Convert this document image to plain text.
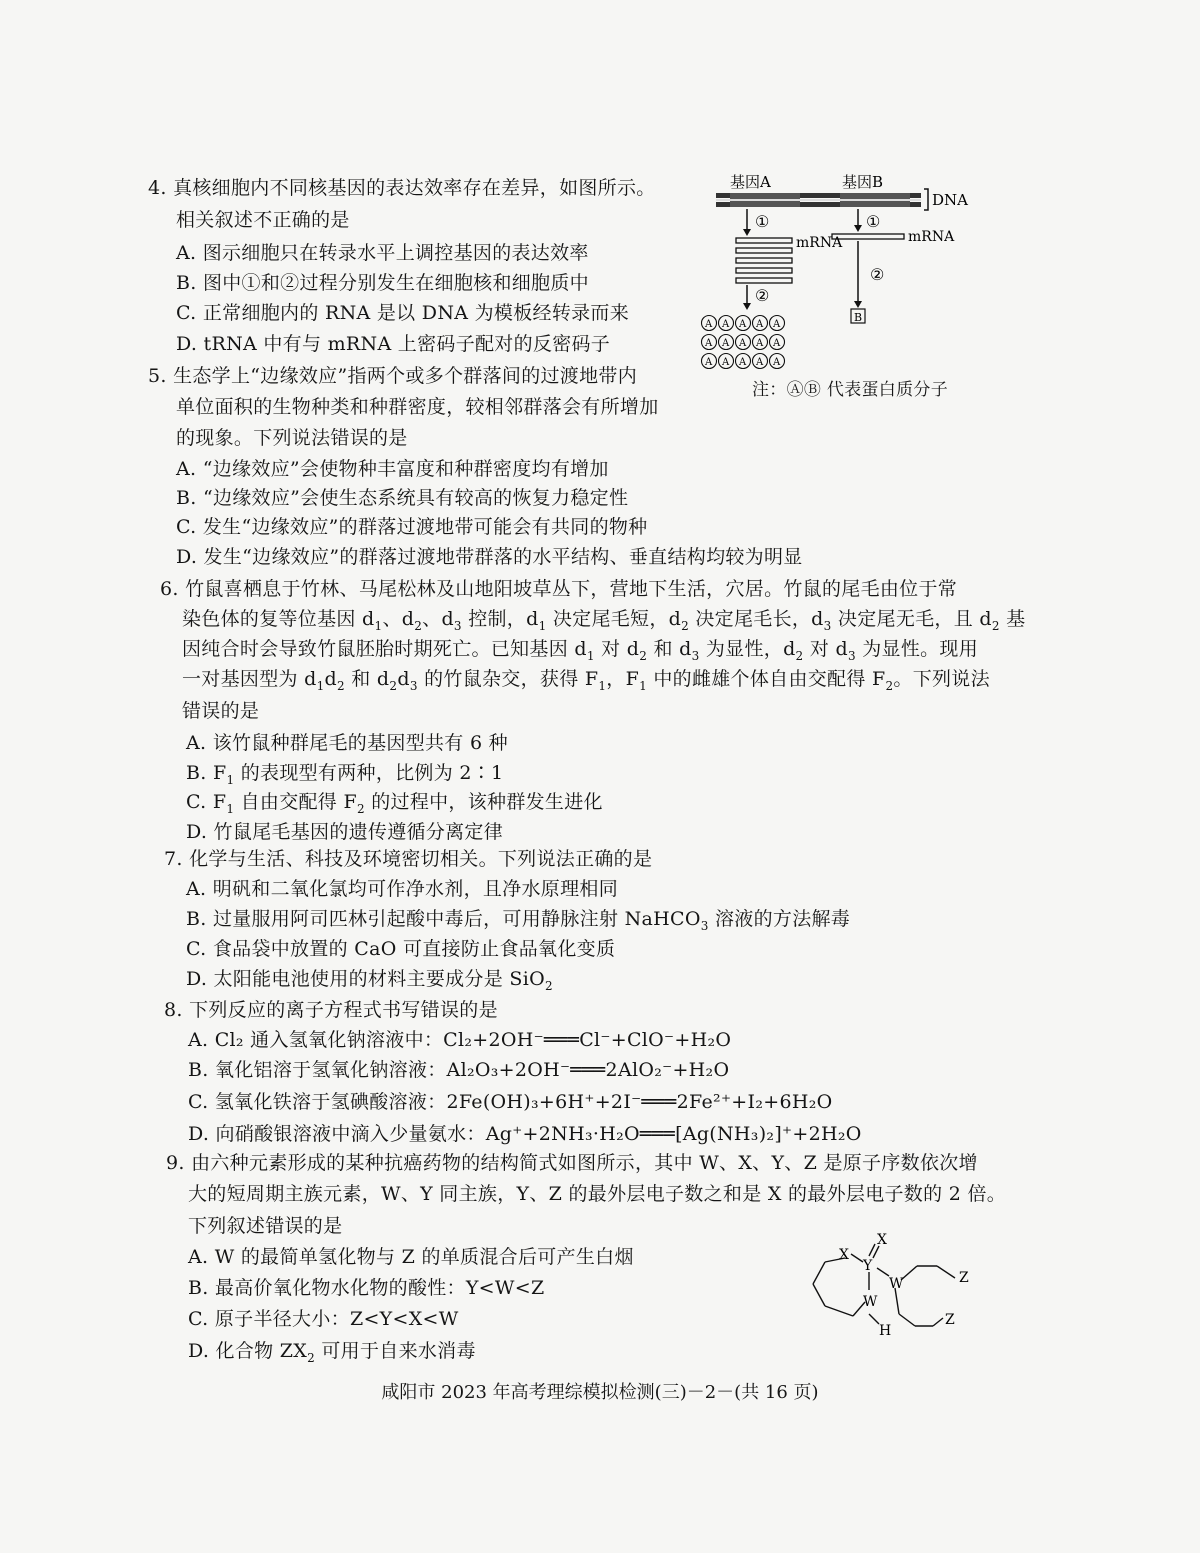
4. 真核细胞内不同核基因的表达效率存在差异，如图所示。
相关叙述不正确的是
A. 图示细胞只在转录水平上调控基因的表达效率
B. 图中①和②过程分别发生在细胞核和细胞质中
C. 正常细胞内的 RNA 是以 DNA 为模板经转录而来
D. tRNA 中有与 mRNA 上密码子配对的反密码子
基因A	基因B
DNA
①	①
mRNA	mRNA
②
②
B
A A A A A
A A A A A
A A A A A
注：ⒶⒷ 代表蛋白质分子
5. 生态学上“边缘效应”指两个或多个群落间的过渡地带内
单位面积的生物种类和种群密度，较相邻群落会有所增加
的现象。下列说法错误的是
A. “边缘效应”会使物种丰富度和种群密度均有增加
B. “边缘效应”会使生态系统具有较高的恢复力稳定性
C. 发生“边缘效应”的群落过渡地带可能会有共同的物种
D. 发生“边缘效应”的群落过渡地带群落的水平结构、垂直结构均较为明显
6. 竹鼠喜栖息于竹林、马尾松林及山地阳坡草丛下，营地下生活，穴居。竹鼠的尾毛由位于常
染色体的复等位基因 $d_1$、$d_2$、$d_3$ 控制，$d_1$ 决定尾毛短，$d_2$ 决定尾毛长，$d_3$ 决定尾无毛，且 $d_2$ 基
因纯合时会导致竹鼠胚胎时期死亡。已知基因 $d_1$ 对 $d_2$ 和 $d_3$ 为显性，$d_2$ 对 $d_3$ 为显性。现用
一对基因型为 $d_1d_2$ 和 $d_2d_3$ 的竹鼠杂交，获得 $F_1$，$F_1$ 中的雌雄个体自由交配得 $F_2$。下列说法
错误的是
A. 该竹鼠种群尾毛的基因型共有 6 种
B. $F_1$ 的表现型有两种，比例为 2∶1
C. $F_1$ 自由交配得 $F_2$ 的过程中，该种群发生进化
D. 竹鼠尾毛基因的遗传遵循分离定律
7. 化学与生活、科技及环境密切相关。下列说法正确的是
A. 明矾和二氧化氯均可作净水剂，且净水原理相同
B. 过量服用阿司匹林引起酸中毒后，可用静脉注射 NaHCO$_3$ 溶液的方法解毒
C. 食品袋中放置的 CaO 可直接防止食品氧化变质
D. 太阳能电池使用的材料主要成分是 SiO$_2$
8. 下列反应的离子方程式书写错误的是
A. Cl₂ 通入氢氧化钠溶液中：Cl₂+2OH⁻═══Cl⁻+ClO⁻+H₂O
B. 氧化铝溶于氢氧化钠溶液：Al₂O₃+2OH⁻═══2AlO₂⁻+H₂O
C. 氢氧化铁溶于氢碘酸溶液：2Fe(OH)₃+6H⁺+2I⁻═══2Fe²⁺+I₂+6H₂O
D. 向硝酸银溶液中滴入少量氨水：Ag⁺+2NH₃·H₂O═══[Ag(NH₃)₂]⁺+2H₂O
9. 由六种元素形成的某种抗癌药物的结构简式如图所示，其中 W、X、Y、Z 是原子序数依次增
大的短周期主族元素，W、Y 同主族，Y、Z 的最外层电子数之和是 X 的最外层电子数的 2 倍。
下列叙述错误的是
A. W 的最简单氢化物与 Z 的单质混合后可产生白烟
B. 最高价氧化物水化物的酸性：Y<W<Z
C. 原子半径大小：Z<Y<X<W
D. 化合物 $ZX_2$ 可用于自来水消毒
X
X
Y
W
W
H
Z
Z
咸阳市 2023 年高考理综模拟检测(三)－2－(共 16 页)
